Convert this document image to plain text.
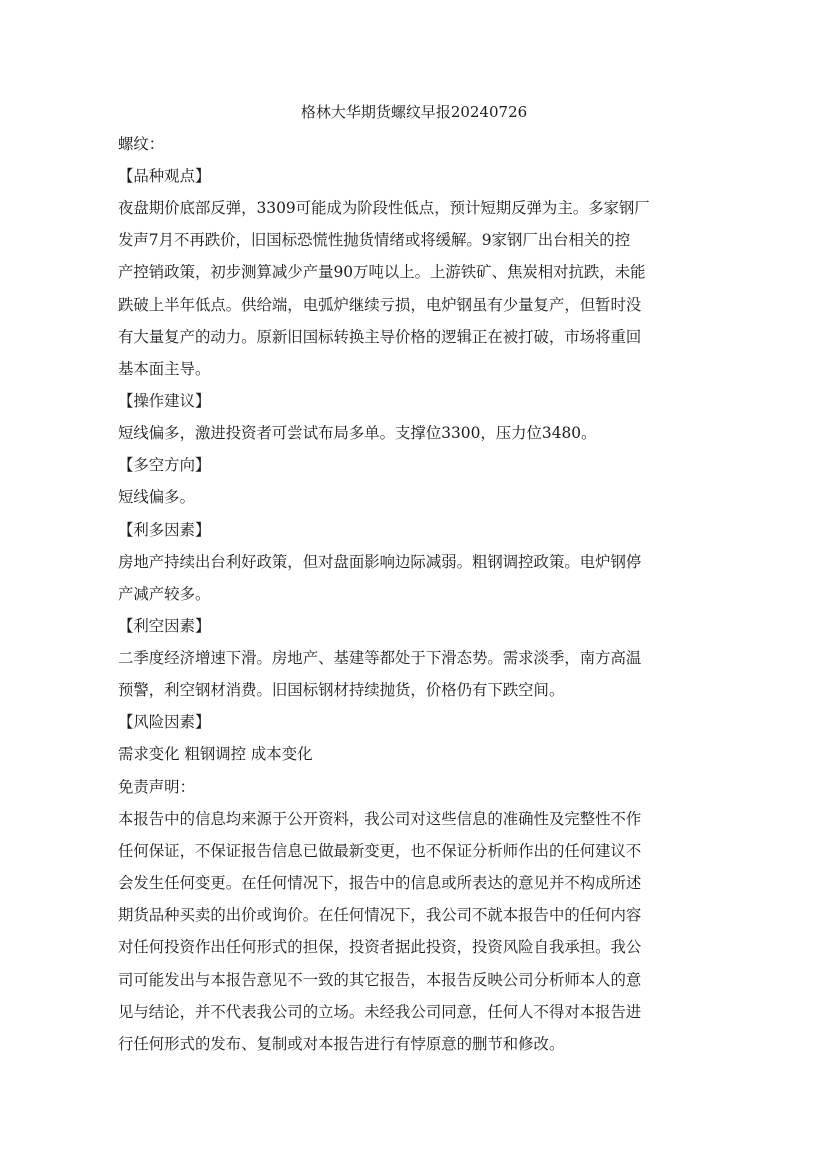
格林大华期货螺纹早报20240726
螺纹：
【品种观点】
夜盘期价底部反弹，3309可能成为阶段性低点，预计短期反弹为主。多家钢厂
发声7月不再跌价，旧国标恐慌性抛货情绪或将缓解。9家钢厂出台相关的控
产控销政策，初步测算减少产量90万吨以上。上游铁矿、焦炭相对抗跌，未能
跌破上半年低点。供给端，电弧炉继续亏损，电炉钢虽有少量复产，但暂时没
有大量复产的动力。原新旧国标转换主导价格的逻辑正在被打破，市场将重回
基本面主导。
【操作建议】
短线偏多，激进投资者可尝试布局多单。支撑位3300，压力位3480。
【多空方向】
短线偏多。
【利多因素】
房地产持续出台利好政策，但对盘面影响边际减弱。粗钢调控政策。电炉钢停
产减产较多。
【利空因素】
二季度经济增速下滑。房地产、基建等都处于下滑态势。需求淡季，南方高温
预警，利空钢材消费。旧国标钢材持续抛货，价格仍有下跌空间。
【风险因素】
需求变化 粗钢调控 成本变化
免责声明：
本报告中的信息均来源于公开资料，我公司对这些信息的准确性及完整性不作
任何保证，不保证报告信息已做最新变更，也不保证分析师作出的任何建议不
会发生任何变更。在任何情况下，报告中的信息或所表达的意见并不构成所述
期货品种买卖的出价或询价。在任何情况下，我公司不就本报告中的任何内容
对任何投资作出任何形式的担保，投资者据此投资，投资风险自我承担。我公
司可能发出与本报告意见不一致的其它报告，本报告反映公司分析师本人的意
见与结论，并不代表我公司的立场。未经我公司同意，任何人不得对本报告进
行任何形式的发布、复制或对本报告进行有悖原意的删节和修改。
